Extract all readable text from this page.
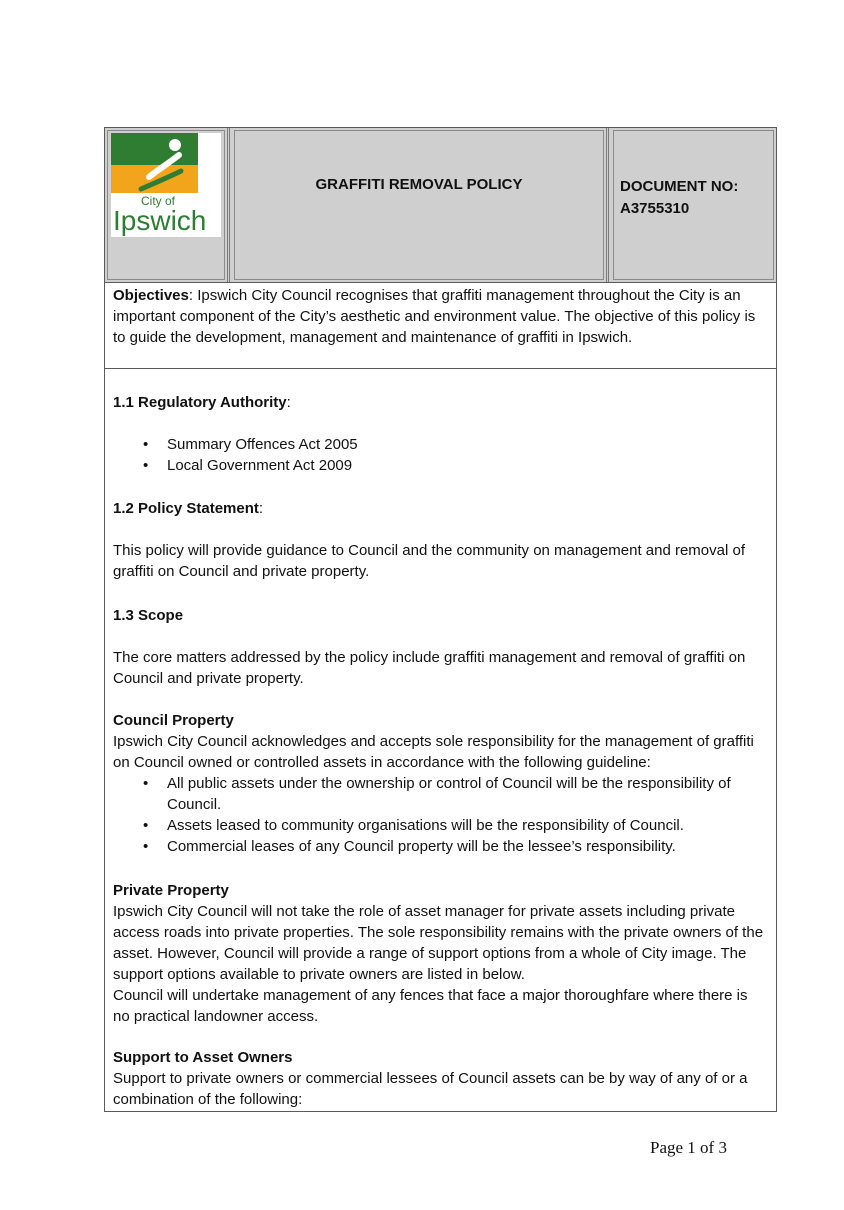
City of
Ipswich
GRAFFITI REMOVAL POLICY	DOCUMENT NO:
A3755310

Objectives: Ipswich City Council recognises that graffiti management throughout the City is an important component of the City’s aesthetic and environment value. The objective of this policy is to guide the development, management and maintenance of graffiti in Ipswich.

1.1 Regulatory Authority:
• Summary Offences Act 2005
• Local Government Act 2009
1.2 Policy Statement:

This policy will provide guidance to Council and the community on management and removal of graffiti on Council and private property.

1.3 Scope

The core matters addressed by the policy include graffiti management and removal of graffiti on Council and private property.

Council Property

Ipswich City Council acknowledges and accepts sole responsibility for the management of graffiti on Council owned or controlled assets in accordance with the following guideline:

• All public assets under the ownership or control of Council will be the responsibility of Council.
• Assets leased to community organisations will be the responsibility of Council.
• Commercial leases of any Council property will be the lessee’s responsibility.
Private Property

Ipswich City Council will not take the role of asset manager for private assets including private access roads into private properties. The sole responsibility remains with the private owners of the asset. However, Council will provide a range of support options from a whole of City image. The support options available to private owners are listed in below.

Council will undertake management of any fences that face a major thoroughfare where there is no practical landowner access.

Support to Asset Owners

Support to private owners or commercial lessees of Council assets can be by way of any of or a combination of the following:

Page 1 of 3
